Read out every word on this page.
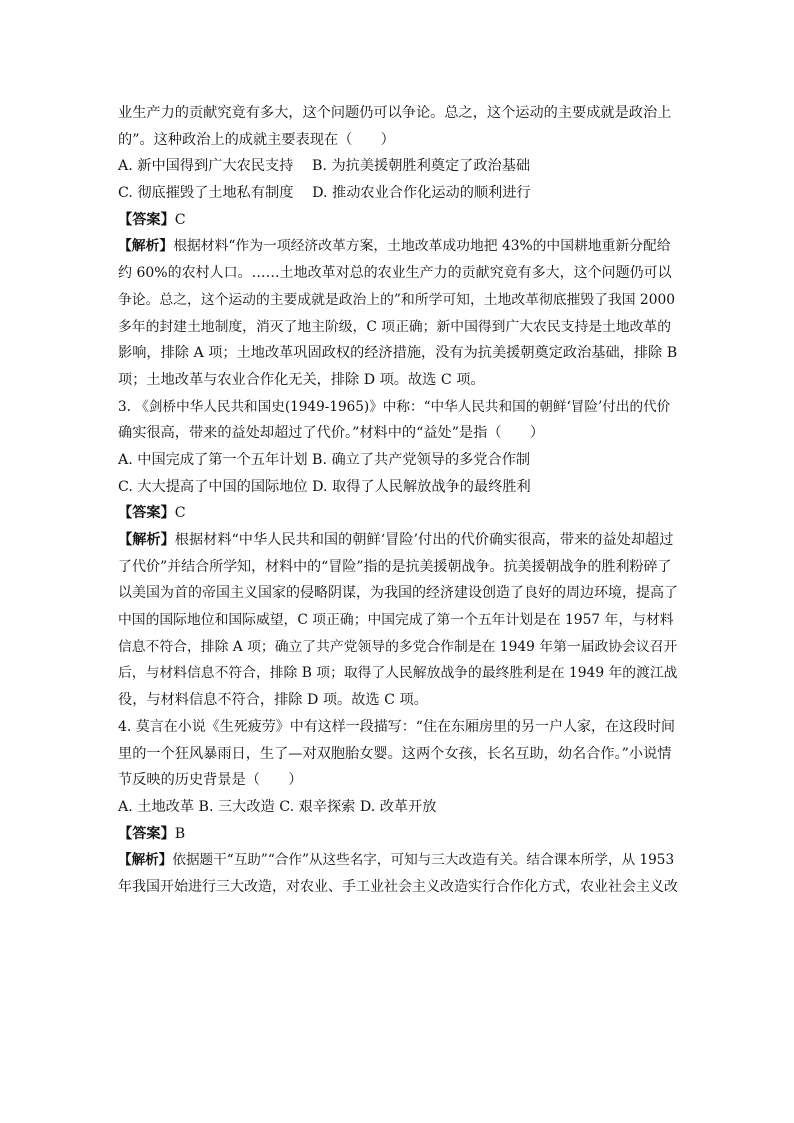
业生产力的贡献究竟有多大，这个问题仍可以争论。总之，这个运动的主要成就是政治上
的”。这种政治上的成就主要表现在（　　）
A. 新中国得到广大农民支持　 B. 为抗美援朝胜利奠定了政治基础
C. 彻底摧毁了土地私有制度　 D. 推动农业合作化运动的顺利进行
【答案】C
【解析】根据材料“作为一项经济改革方案，土地改革成功地把 43%的中国耕地重新分配给
约 60%的农村人口。……土地改革对总的农业生产力的贡献究竟有多大，这个问题仍可以
争论。总之，这个运动的主要成就是政治上的”和所学可知，土地改革彻底摧毁了我国 2000
多年的封建土地制度，消灭了地主阶级，C 项正确；新中国得到广大农民支持是土地改革的
影响，排除 A 项；土地改革巩固政权的经济措施，没有为抗美援朝奠定政治基础，排除 B
项；土地改革与农业合作化无关，排除 D 项。故选 C 项。
3. 《剑桥中华人民共和国史(1949-1965)》中称：“中华人民共和国的朝鲜‘冒险’付出的代价
确实很高，带来的益处却超过了代价。”材料中的“益处”是指（　　）
A. 中国完成了第一个五年计划 B. 确立了共产党领导的多党合作制
C. 大大提高了中国的国际地位 D. 取得了人民解放战争的最终胜利
【答案】C
【解析】根据材料“中华人民共和国的朝鲜‘冒险’付出的代价确实很高，带来的益处却超过
了代价”并结合所学知，材料中的“冒险”指的是抗美援朝战争。抗美援朝战争的胜利粉碎了
以美国为首的帝国主义国家的侵略阴谋，为我国的经济建设创造了良好的周边环境，提高了
中国的国际地位和国际威望，C 项正确；中国完成了第一个五年计划是在 1957 年，与材料
信息不符合，排除 A 项；确立了共产党领导的多党合作制是在 1949 年第一届政协会议召开
后，与材料信息不符合，排除 B 项；取得了人民解放战争的最终胜利是在 1949 年的渡江战
役，与材料信息不符合，排除 D 项。故选 C 项。
4. 莫言在小说《生死疲劳》中有这样一段描写：“住在东厢房里的另一户人家，在这段时间
里的一个狂风暴雨日，生了—对双胞胎女婴。这两个女孩，长名互助，幼名合作。”小说情
节反映的历史背景是（　　）
A. 土地改革 B. 三大改造 C. 艰辛探索 D. 改革开放
【答案】B
【解析】依据题干“互助”“合作”从这些名字，可知与三大改造有关。结合课本所学，从 1953
年我国开始进行三大改造，对农业、手工业社会主义改造实行合作化方式，农业社会主义改
